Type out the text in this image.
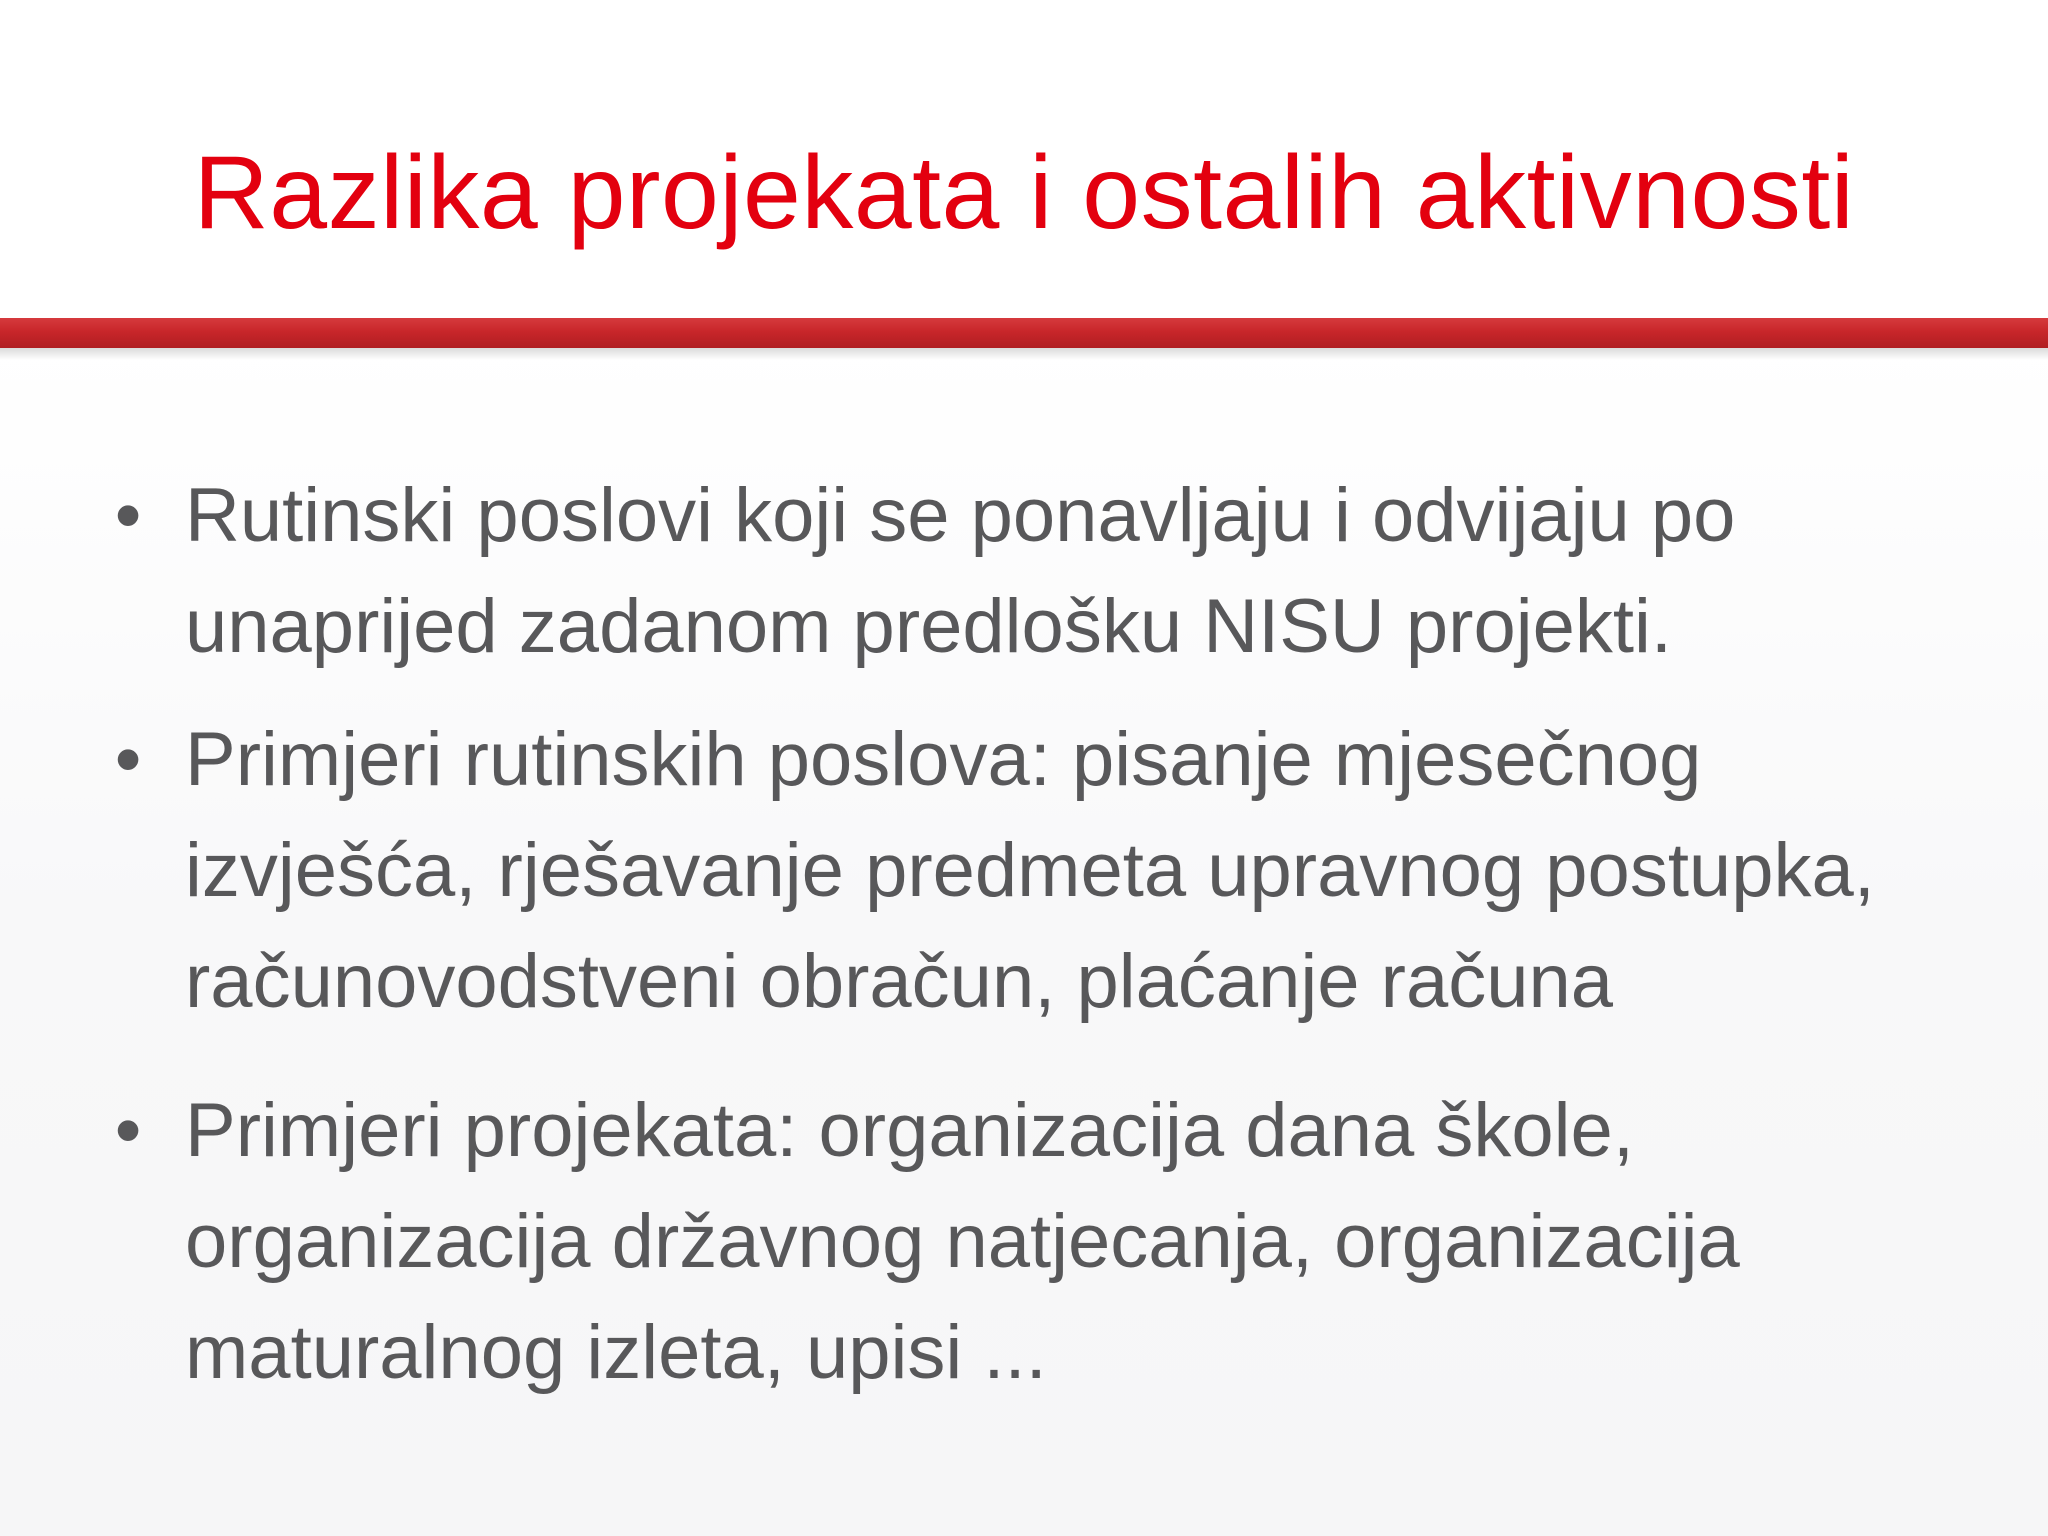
Razlika projekata i ostalih aktivnosti
• Rutinski poslovi koji se ponavljaju i odvijaju po unaprijed zadanom predlošku NISU projekti.
• Primjeri rutinskih poslova: pisanje mjesečnog izvješća, rješavanje predmeta upravnog postupka, računovodstveni obračun, plaćanje računa
• Primjeri projekata: organizacija dana škole, organizacija državnog natjecanja, organizacija maturalnog izleta, upisi ...
